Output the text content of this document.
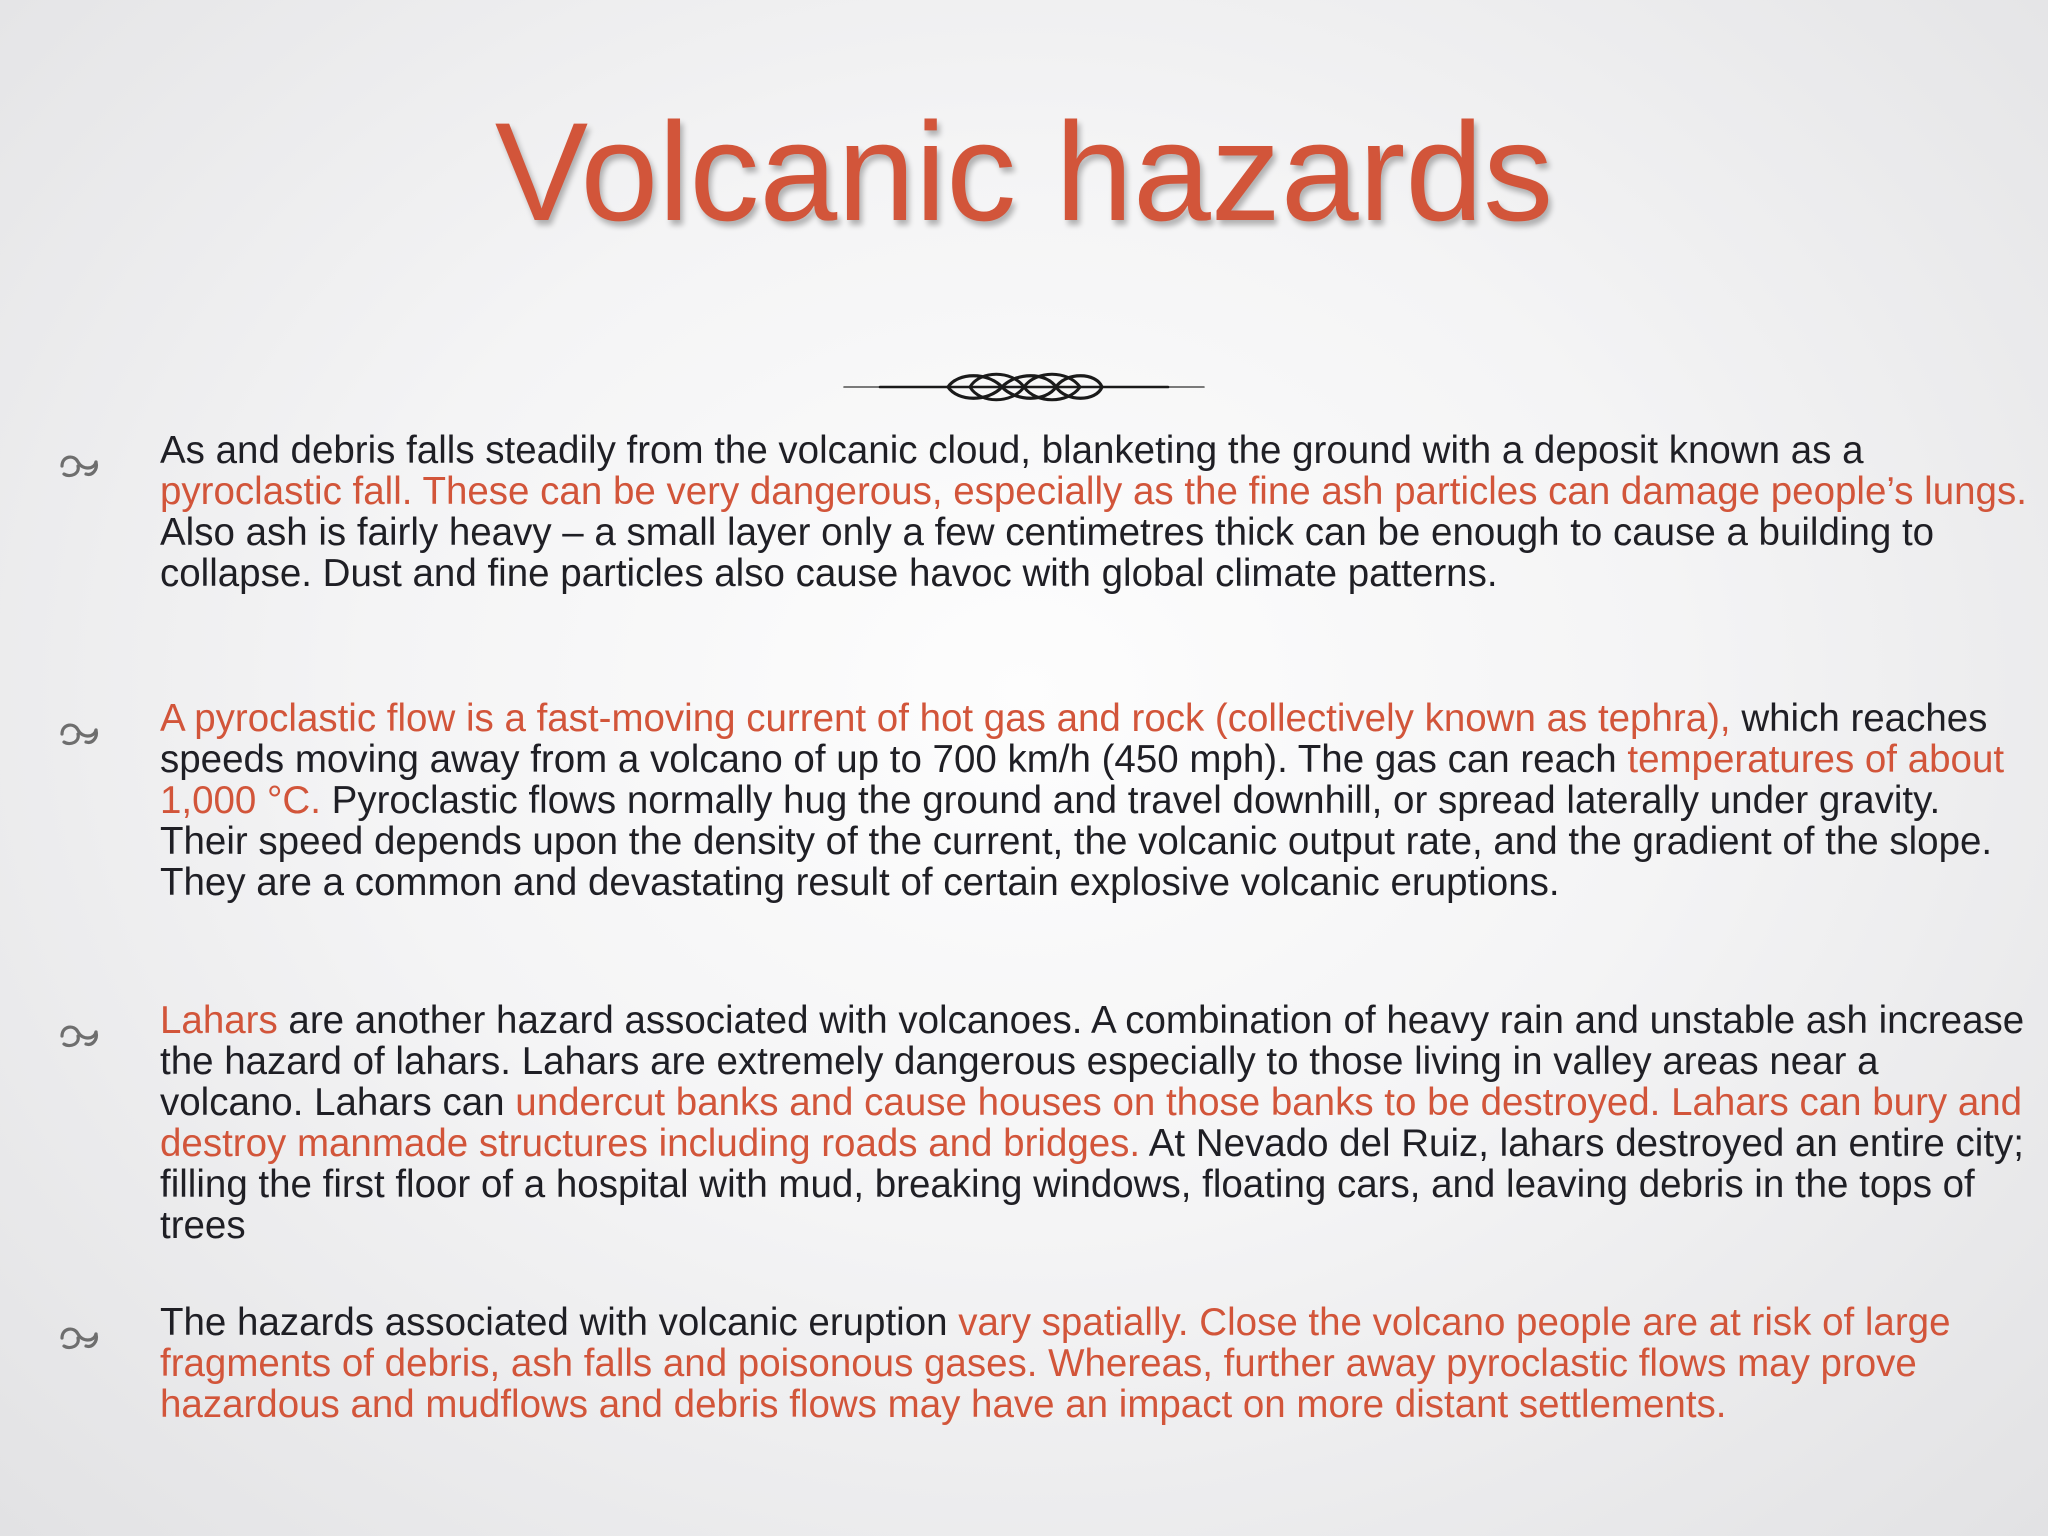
Volcanic hazards

As and debris falls steadily from the volcanic cloud, blanketing the ground with a deposit known as a pyroclastic fall. These can be very dangerous, especially as the fine ash particles can damage people’s lungs. Also ash is fairly heavy – a small layer only a few centimetres thick can be enough to cause a building to collapse. Dust and fine particles also cause havoc with global climate patterns.

A pyroclastic flow is a fast-moving current of hot gas and rock (collectively known as tephra), which reaches speeds moving away from a volcano of up to 700 km/h (450 mph). The gas can reach temperatures of about 1,000 °C. Pyroclastic flows normally hug the ground and travel downhill, or spread laterally under gravity. Their speed depends upon the density of the current, the volcanic output rate, and the gradient of the slope. They are a common and devastating result of certain explosive volcanic eruptions.

Lahars are another hazard associated with volcanoes. A combination of heavy rain and unstable ash increase the hazard of lahars. Lahars are extremely dangerous especially to those living in valley areas near a volcano. Lahars can undercut banks and cause houses on those banks to be destroyed. Lahars can bury and destroy manmade structures including roads and bridges. At Nevado del Ruiz, lahars destroyed an entire city; filling the first floor of a hospital with mud, breaking windows, floating cars, and leaving debris in the tops of trees

The hazards associated with volcanic eruption vary spatially. Close the volcano people are at risk of large fragments of debris, ash falls and poisonous gases. Whereas, further away pyroclastic flows may prove hazardous and mudflows and debris flows may have an impact on more distant settlements.
